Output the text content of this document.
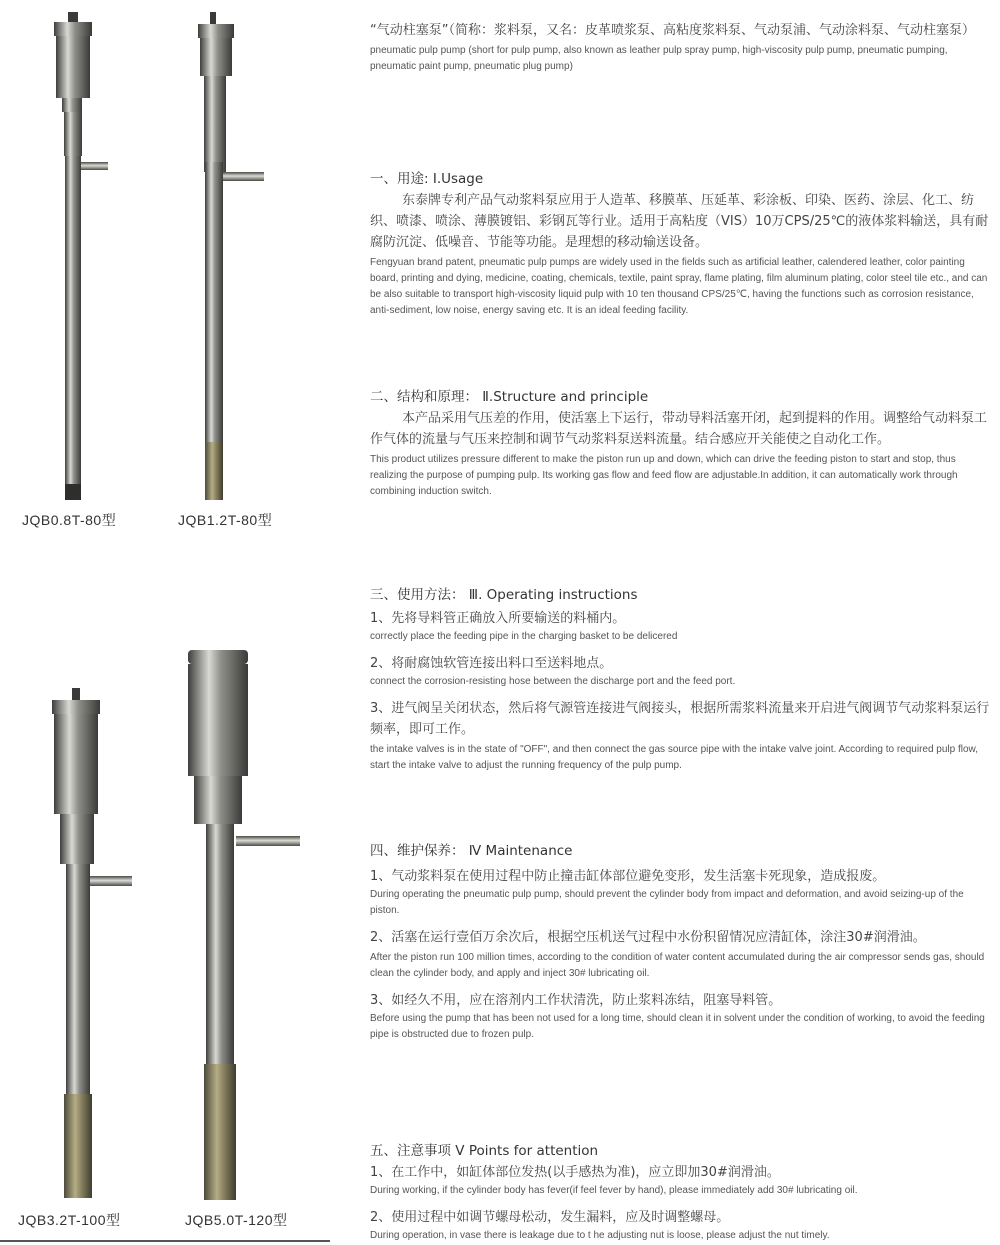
JQB0.8T-80型	JQB1.2T-80型
JQB3.2T-100型	JQB5.0T-120型

“气动柱塞泵”（简称：浆料泵，又名：皮革喷浆泵、高粘度浆料泵、气动泵浦、气动涂料泵、气动柱塞泵）

pneumatic pulp pump (short for pulp pump, also known as leather pulp spray pump, high-viscosity pulp pump, pneumatic pumping, pneumatic paint pump, pneumatic plug pump)

一、用途: Ⅰ.Usage

东泰牌专利产品气动浆料泵应用于人造革、移膜革、压延革、彩涂板、印染、医药、涂层、化工、纺织、喷漆、喷涂、薄膜镀铝、彩钢瓦等行业。适用于高粘度（VIS）10万CPS/25℃的液体浆料输送，具有耐腐防沉淀、低噪音、节能等功能。是理想的移动输送设备。

Fengyuan brand patent, pneumatic pulp pumps are widely used in the fields such as artificial leather, calendered leather, color painting board, printing and dying, medicine, coating, chemicals, textile, paint spray, flame plating, film aluminum plating, color steel tile etc., and can be also suitable to transport high-viscosity liquid pulp with 10 ten thousand CPS/25℃, having the functions such as corrosion resistance, anti-sediment, low noise, energy saving etc. It is an ideal feeding facility.

二、结构和原理： Ⅱ.Structure and principle

本产品采用气压差的作用，使活塞上下运行，带动导料活塞开闭，起到提料的作用。调整给气动料泵工作气体的流量与气压来控制和调节气动浆料泵送料流量。结合感应开关能使之自动化工作。

This product utilizes pressure different to make the piston run up and down, which can drive the feeding piston to start and stop, thus realizing the purpose of pumping pulp. Its working gas flow and feed flow are adjustable.In addition, it can automatically work through combining induction switch.

三、使用方法： Ⅲ. Operating instructions

1、先将导料管正确放入所要输送的料桶内。

correctly place the feeding pipe in the charging basket to be delicered

2、将耐腐蚀软管连接出料口至送料地点。

connect the corrosion-resisting hose between the discharge port and the feed port.

3、进气阀呈关闭状态，然后将气源管连接进气阀接头，根据所需浆料流量来开启进气阀调节气动浆料泵运行频率，即可工作。

the intake valves is in the state of "OFF", and then connect the gas source pipe with the intake valve joint. According to required pulp flow, start the intake valve to adjust the running frequency of the pulp pump.

四、维护保养： Ⅳ Maintenance

1、气动浆料泵在使用过程中防止撞击缸体部位避免变形，发生活塞卡死现象，造成报废。

During operating the pneumatic pulp pump, should prevent the cylinder body from impact and deformation, and avoid seizing-up of the piston.

2、活塞在运行壹佰万余次后，根据空压机送气过程中水份积留情况应清缸体，涂注30#润滑油。

After the piston run 100 million times, according to the condition of water content accumulated during the air compressor sends gas, should clean the cylinder body, and apply and inject 30# lubricating oil.

3、如经久不用，应在溶剂内工作状清洗，防止浆料冻结，阻塞导料管。

Before using the pump that has been not used for a long time, should clean it in solvent under the condition of working, to avoid the feeding pipe is obstructed due to frozen pulp.

五、注意事项 Ⅴ Points for attention

1、在工作中，如缸体部位发热(以手感热为准)，应立即加30#润滑油。

During working, if the cylinder body has fever(if feel fever by hand), please immediately add 30# lubricating oil.

2、使用过程中如调节螺母松动，发生漏料，应及时调整螺母。

During operation, in vase there is leakage due to t he adjusting nut is loose, please adjust the nut timely.
